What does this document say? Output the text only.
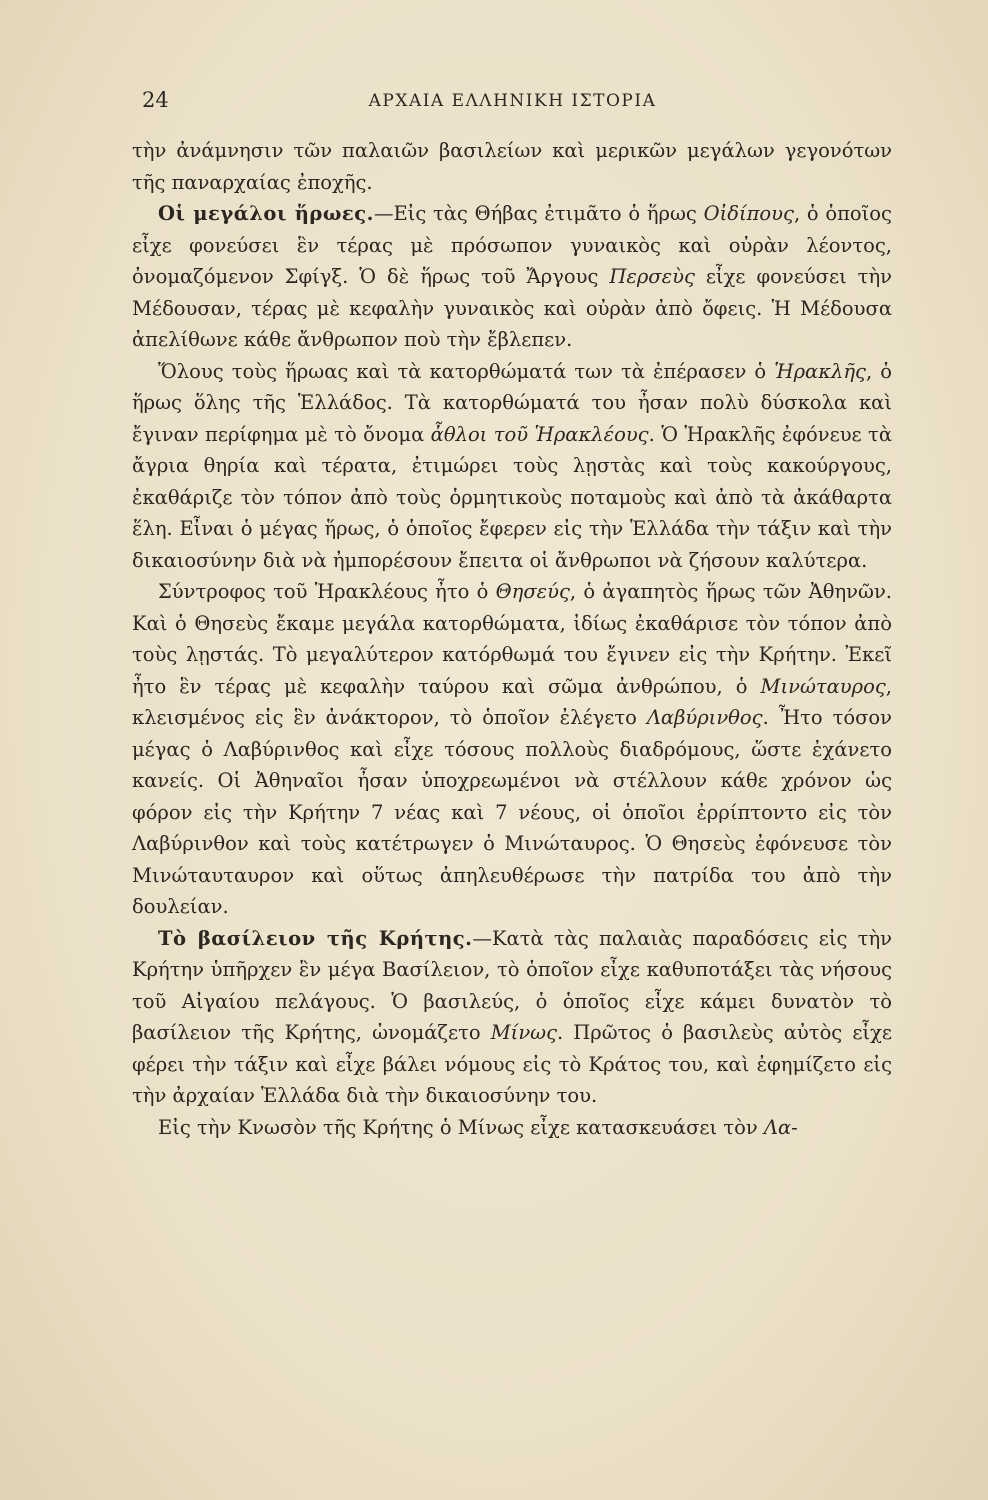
24	ΑΡΧΑΙΑ ΕΛΛΗΝΙΚΗ ΙΣΤΟΡΙΑ

τὴν ἀνάμνησιν τῶν παλαιῶν βασιλείων καὶ μερικῶν μεγάλων γεγονότων τῆς παναρχαίας ἐποχῆς.

Οἱ μεγάλοι ἥρωες.—Εἰς τὰς Θήβας ἐτιμᾶτο ὁ ἥρως Οἰδίπους, ὁ ὁποῖος εἶχε φονεύσει ἓν τέρας μὲ πρόσωπον γυναικὸς καὶ οὐρὰν λέοντος, ὀνομαζόμενον Σφίγξ. Ὁ δὲ ἥρως τοῦ Ἄργους Περσεὺς εἶχε φονεύσει τὴν Μέδουσαν, τέρας μὲ κεφαλὴν γυναικὸς καὶ οὐρὰν ἀπὸ ὄφεις. Ἡ Μέδουσα ἀπελίθωνε κάθε ἄνθρωπον ποὺ τὴν ἔβλεπεν.

Ὅλους τοὺς ἥρωας καὶ τὰ κατορθώματά των τὰ ἐπέρασεν ὁ Ἡρακλῆς, ὁ ἥρως ὅλης τῆς Ἑλλάδος. Τὰ κατορθώματά του ἦσαν πολὺ δύσκολα καὶ ἔγιναν περίφημα μὲ τὸ ὄνομα ἆθλοι τοῦ Ἡρακλέους. Ὁ Ἡρακλῆς ἐφόνευε τὰ ἄγρια θηρία καὶ τέρατα, ἐτιμώρει τοὺς λῃστὰς καὶ τοὺς κακούργους, ἐκαθάριζε τὸν τόπον ἀπὸ τοὺς ὁρμητικοὺς ποταμοὺς καὶ ἀπὸ τὰ ἀκάθαρτα ἕλη. Εἶναι ὁ μέγας ἥρως, ὁ ὁποῖος ἔφερεν εἰς τὴν Ἑλλάδα τὴν τάξιν καὶ τὴν δικαιοσύνην διὰ νὰ ἠμπορέσουν ἔπειτα οἱ ἄνθρωποι νὰ ζήσουν καλύτερα.

Σύντροφος τοῦ Ἡρακλέους ἦτο ὁ Θησεύς, ὁ ἀγαπητὸς ἥρως τῶν Ἀθηνῶν. Καὶ ὁ Θησεὺς ἔκαμε μεγάλα κατορθώματα, ἰδίως ἐκαθάρισε τὸν τόπον ἀπὸ τοὺς λῃστάς. Τὸ μεγαλύτερον κατόρθωμά του ἔγινεν εἰς τὴν Κρήτην. Ἐκεῖ ἦτο ἓν τέρας μὲ κεφαλὴν ταύρου καὶ σῶμα ἀνθρώπου, ὁ Μινώταυρος, κλεισμένος εἰς ἓν ἀνάκτορον, τὸ ὁποῖον ἐλέγετο Λαβύρινθος. Ἦτο τόσον μέγας ὁ Λαβύρινθος καὶ εἶχε τόσους πολλοὺς διαδρόμους, ὥστε ἐχάνετο κανείς. Οἱ Ἀθηναῖοι ἦσαν ὑποχρεωμένοι νὰ στέλλουν κάθε χρόνον ὡς φόρον εἰς τὴν Κρήτην 7 νέας καὶ 7 νέους, οἱ ὁποῖοι ἐρρίπτοντο εἰς τὸν Λαβύρινθον καὶ τοὺς κατέτρωγεν ὁ Μινώταυρος. Ὁ Θησεὺς ἐφόνευσε τὸν Μινώταυταυρον καὶ οὕτως ἀπηλευθέρωσε τὴν πατρίδα του ἀπὸ τὴν δουλείαν.

Τὸ βασίλειον τῆς Κρήτης.—Κατὰ τὰς παλαιὰς παραδόσεις εἰς τὴν Κρήτην ὑπῆρχεν ἓν μέγα Βασίλειον, τὸ ὁποῖον εἶχε καθυποτάξει τὰς νήσους τοῦ Αἰγαίου πελάγους. Ὁ βασιλεύς, ὁ ὁποῖος εἶχε κάμει δυνατὸν τὸ βασίλειον τῆς Κρήτης, ὠνομάζετο Μίνως. Πρῶτος ὁ βασιλεὺς αὐτὸς εἶχε φέρει τὴν τάξιν καὶ εἶχε βάλει νόμους εἰς τὸ Κράτος του, καὶ ἐφημίζετο εἰς τὴν ἀρχαίαν Ἑλλάδα διὰ τὴν δικαιοσύνην του.

Εἰς τὴν Κνωσὸν τῆς Κρήτης ὁ Μίνως εἶχε κατασκευάσει τὸν Λα-
